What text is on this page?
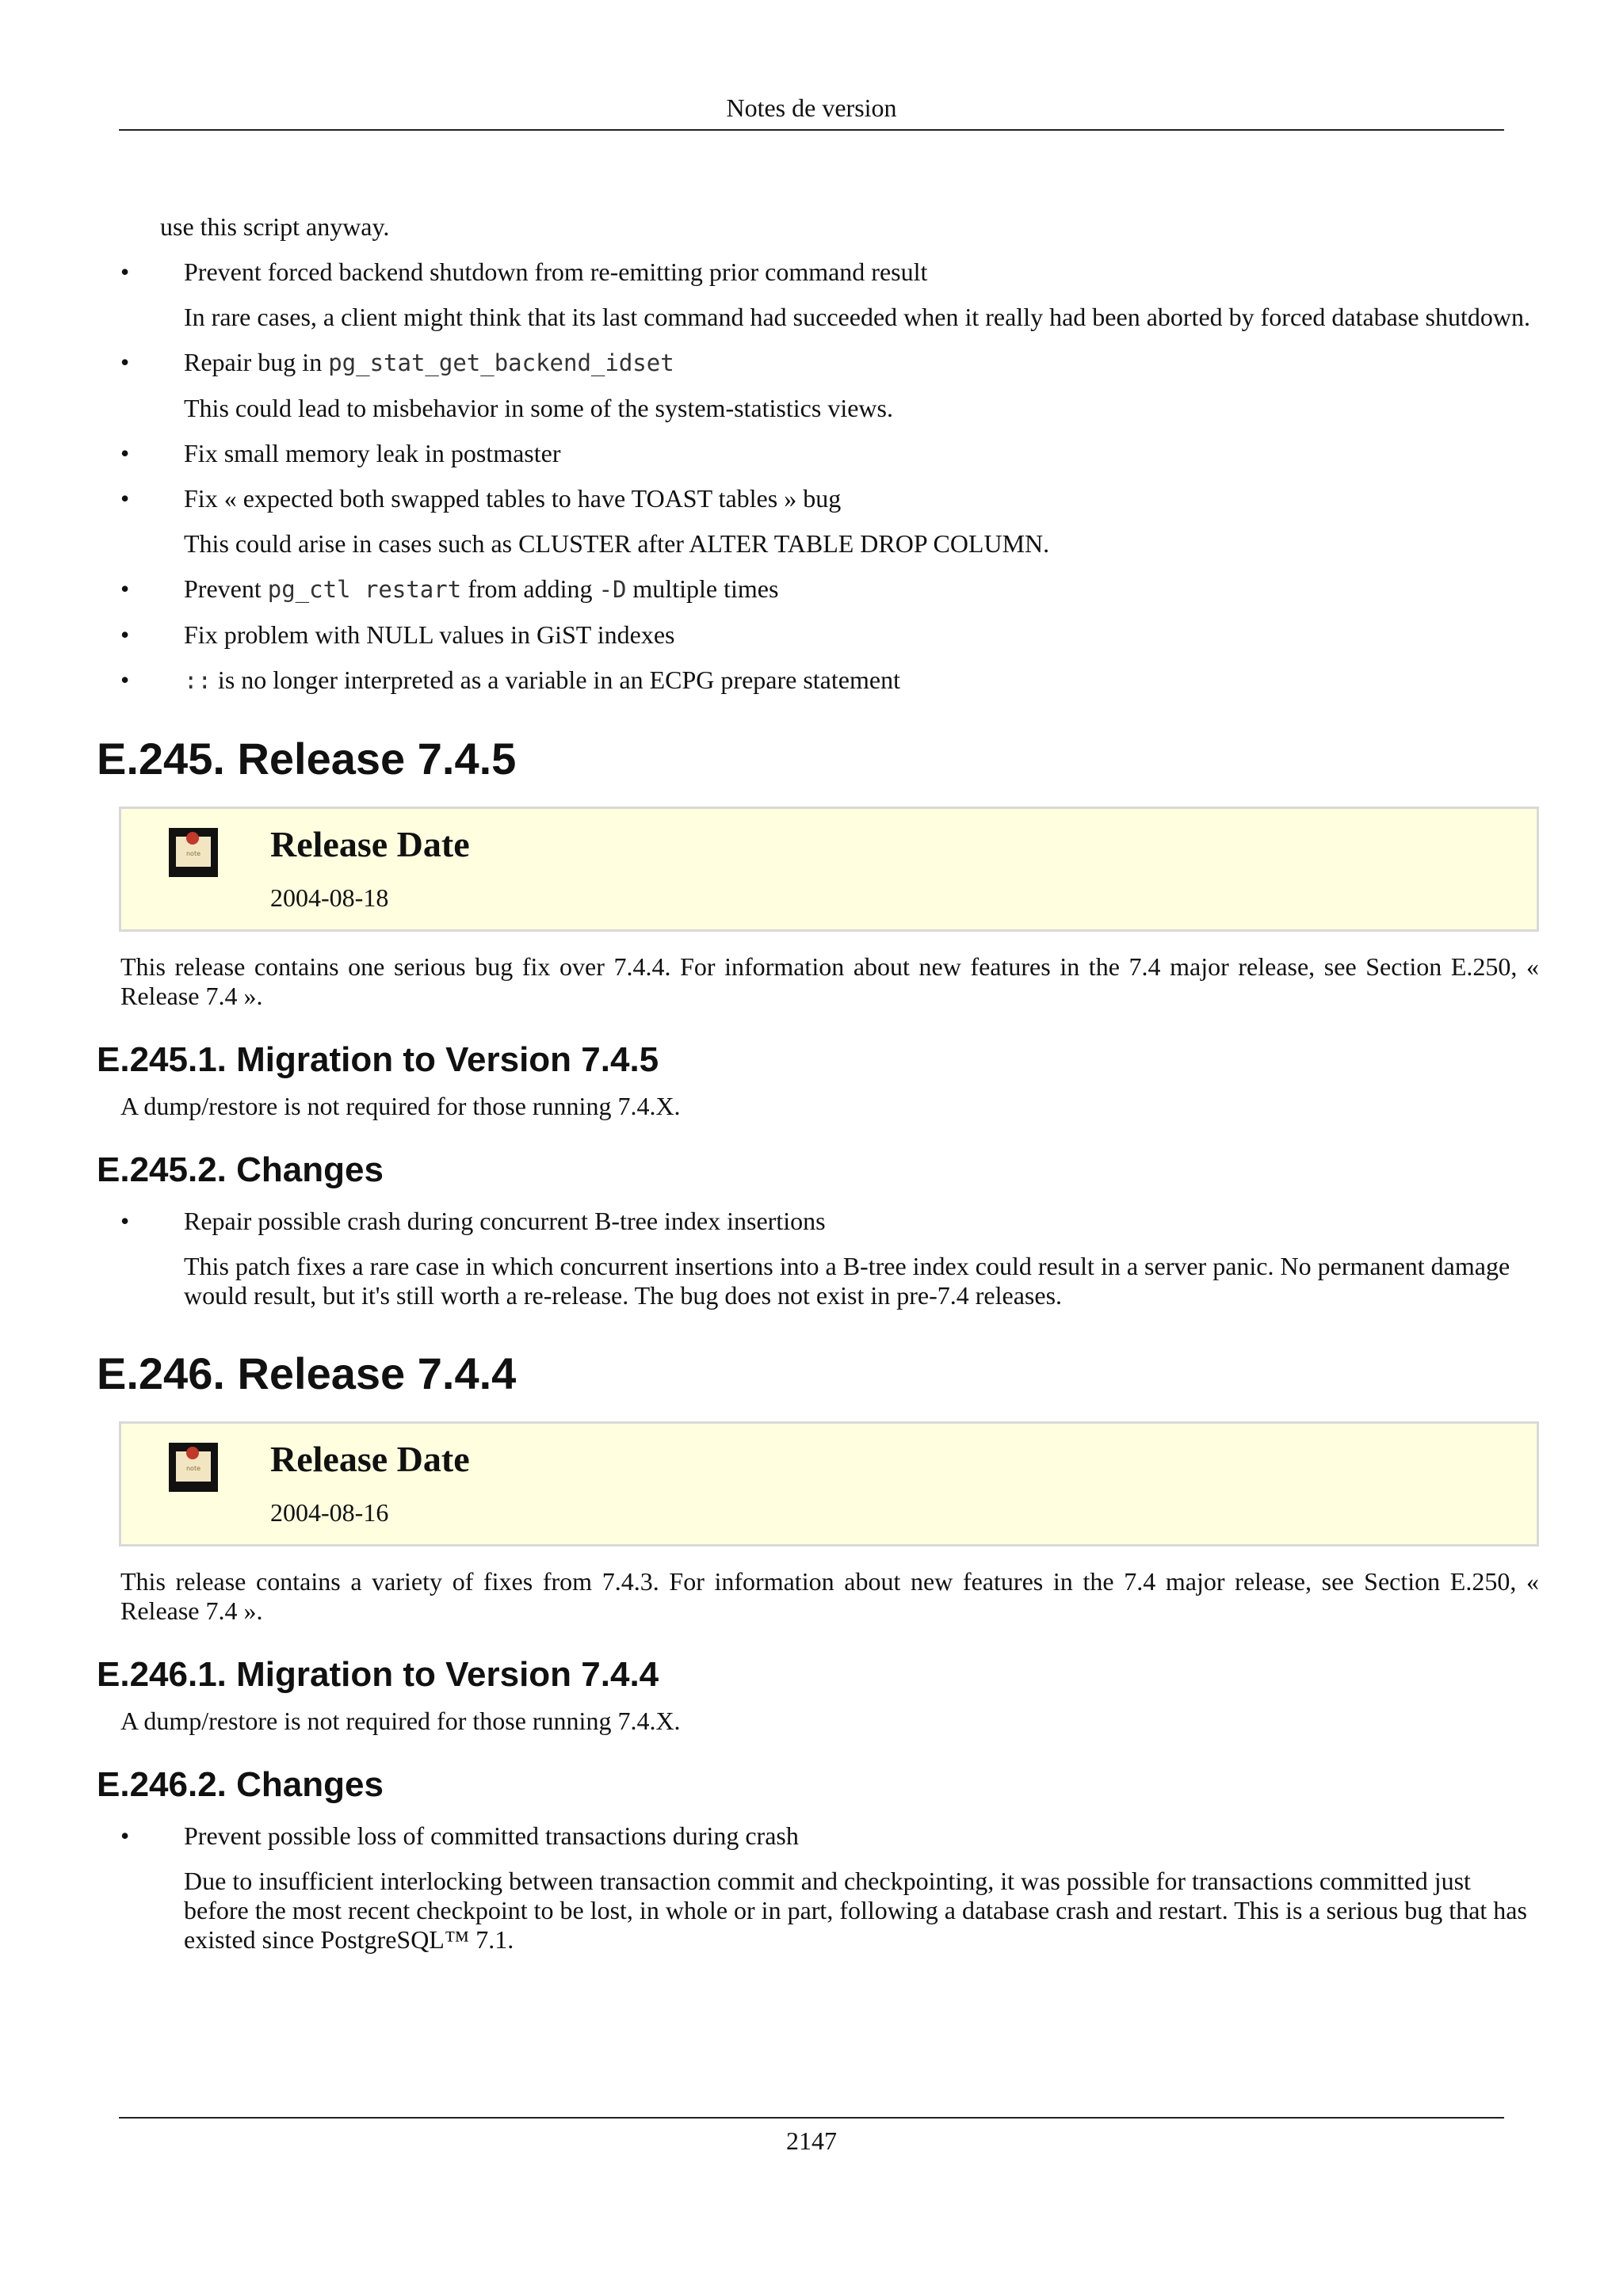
Notes de version

use this script anyway.

• Prevent forced backend shutdown from re-emitting prior command result
In rare cases, a client might think that its last command had succeeded when it really had been aborted by forced database shutdown.
• Repair bug in pg_stat_get_backend_idset
This could lead to misbehavior in some of the system-statistics views.
• Fix small memory leak in postmaster
• Fix « expected both swapped tables to have TOAST tables » bug
This could arise in cases such as CLUSTER after ALTER TABLE DROP COLUMN.
• Prevent pg_ctl restart from adding -D multiple times
• Fix problem with NULL values in GiST indexes
•	:: is no longer interpreted as a variable in an ECPG prepare statement
E.245. Release 7.4.5
note Release Date
2004-08-18

This release contains one serious bug fix over 7.4.4. For information about new features in the 7.4 major release, see Section E.250, « Release 7.4 ».

E.245.1. Migration to Version 7.4.5

A dump/restore is not required for those running 7.4.X.

E.245.2. Changes
• Repair possible crash during concurrent B-tree index insertions
This patch fixes a rare case in which concurrent insertions into a B-tree index could result in a server panic. No permanent damage would result, but it's still worth a re-release. The bug does not exist in pre-7.4 releases.
E.246. Release 7.4.4
note Release Date
2004-08-16

This release contains a variety of fixes from 7.4.3. For information about new features in the 7.4 major release, see Section E.250, « Release 7.4 ».

E.246.1. Migration to Version 7.4.4

A dump/restore is not required for those running 7.4.X.

E.246.2. Changes
• Prevent possible loss of committed transactions during crash
Due to insufficient interlocking between transaction commit and checkpointing, it was possible for transactions committed just before the most recent checkpoint to be lost, in whole or in part, following a database crash and restart. This is a serious bug that has existed since PostgreSQL™ 7.1.
2147
